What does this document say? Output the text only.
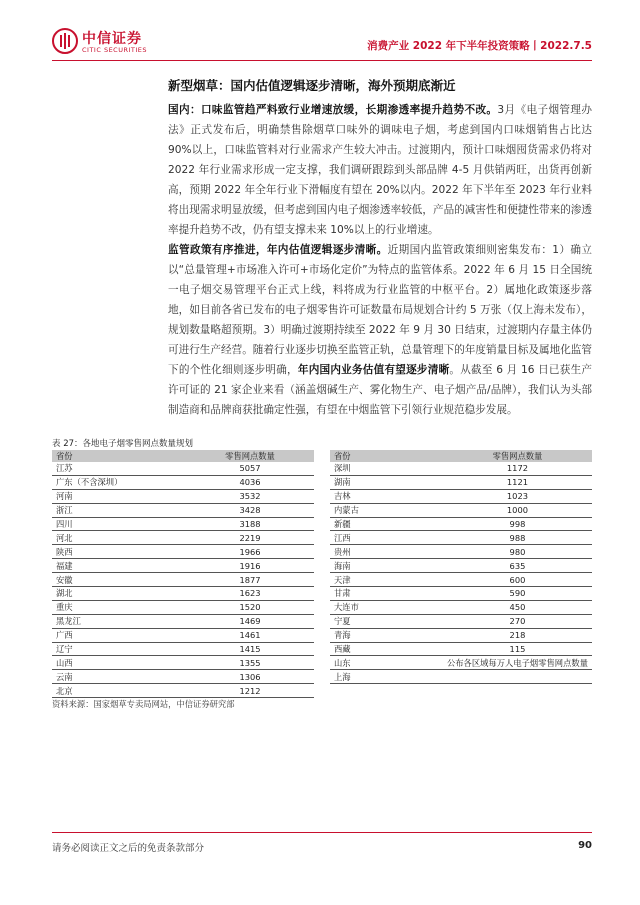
中信证券
CITIC SECURITIES	消费产业 2022 年下半年投资策略丨2022.7.5
新型烟草：国内估值逻辑逐步清晰，海外预期底渐近
国内：口味监管趋严料致行业增速放缓，长期渗透率提升趋势不改。3月《电子烟管理办法》正式发布后，明确禁售除烟草口味外的调味电子烟，考虑到国内口味烟销售占比达 90%以上，口味监管料对行业需求产生较大冲击。过渡期内，预计口味烟囤货需求仍将对 2022 年行业需求形成一定支撑，我们调研跟踪到头部品牌 4-5 月供销两旺，出货再创新高，预期 2022 年全年行业下滑幅度有望在 20%以内。2022 年下半年至 2023 年行业料将出现需求明显放缓，但考虑到国内电子烟渗透率较低，产品的减害性和便捷性带来的渗透率提升趋势不改，仍有望支撑未来 10%以上的行业增速。
监管政策有序推进，年内估值逻辑逐步清晰。近期国内监管政策细则密集发布：1）确立以“总量管理+市场准入许可+市场化定价”为特点的监管体系。2022 年 6 月 15 日全国统一电子烟交易管理平台正式上线，料将成为行业监管的中枢平台。2）属地化政策逐步落地，如目前各省已发布的电子烟零售许可证数量布局规划合计约 5 万张（仅上海未发布），规划数量略超预期。3）明确过渡期持续至 2022 年 9 月 30 日结束，过渡期内存量主体仍可进行生产经营。随着行业逐步切换至监管正轨，总量管理下的年度销量目标及属地化监管下的个性化细则逐步明确，年内国内业务估值有望逐步清晰。从截至 6 月 16 日已获生产许可证的 21 家企业来看（涵盖烟碱生产、雾化物生产、电子烟产品/品牌），我们认为头部制造商和品牌商获批确定性强，有望在中烟监管下引领行业规范稳步发展。
表 27：各地电子烟零售网点数量规划
省份	零售网点数量
江苏	5057
广东（不含深圳）	4036
河南	3532
浙江	3428
四川	3188
河北	2219
陕西	1966
福建	1916
安徽	1877
湖北	1623
重庆	1520
黑龙江	1469
广西	1461
辽宁	1415
山西	1355
云南	1306
北京	1212
省份	零售网点数量
深圳	1172
湖南	1121
吉林	1023
内蒙古	1000
新疆	998
江西	988
贵州	980
海南	635
天津	600
甘肃	590
大连市	450
宁夏	270
青海	218
西藏	115
山东	公布各区域每万人电子烟零售网点数量
上海	
资料来源：国家烟草专卖局网站，中信证券研究部
请务必阅读正文之后的免责条款部分	90
